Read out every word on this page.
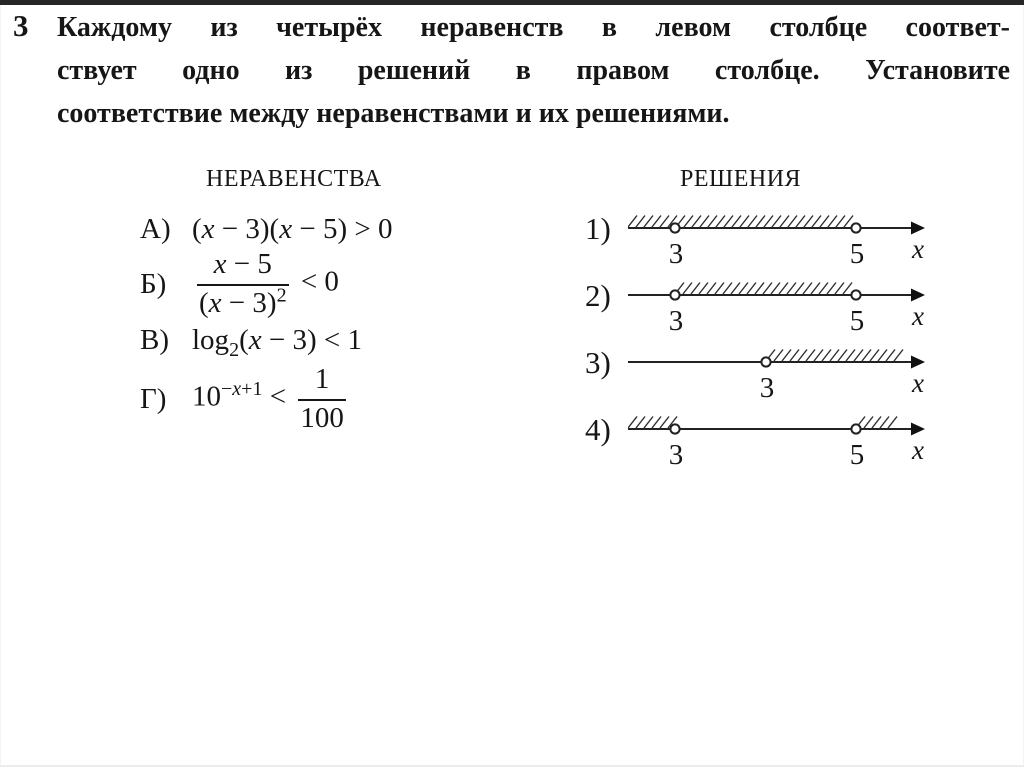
3 Каждому из четырёх неравенств в левом столбце соответ-
ствует одно из решений в правом столбце. Установите
соответствие между неравенствами и их решениями.
НЕРАВЕНСТВА
А) (x − 3)(x − 5) > 0
Б)	$\frac{x - 5}{(x - 3)^2} < 0$
В) $\log_2(x - 3) < 1$
Г) $10^{-x+1} < \frac{1}{100}$
РЕШЕНИЯ
1)
3	5 x
2)
3	5 x
3)
3	x
4)
3	5 x
